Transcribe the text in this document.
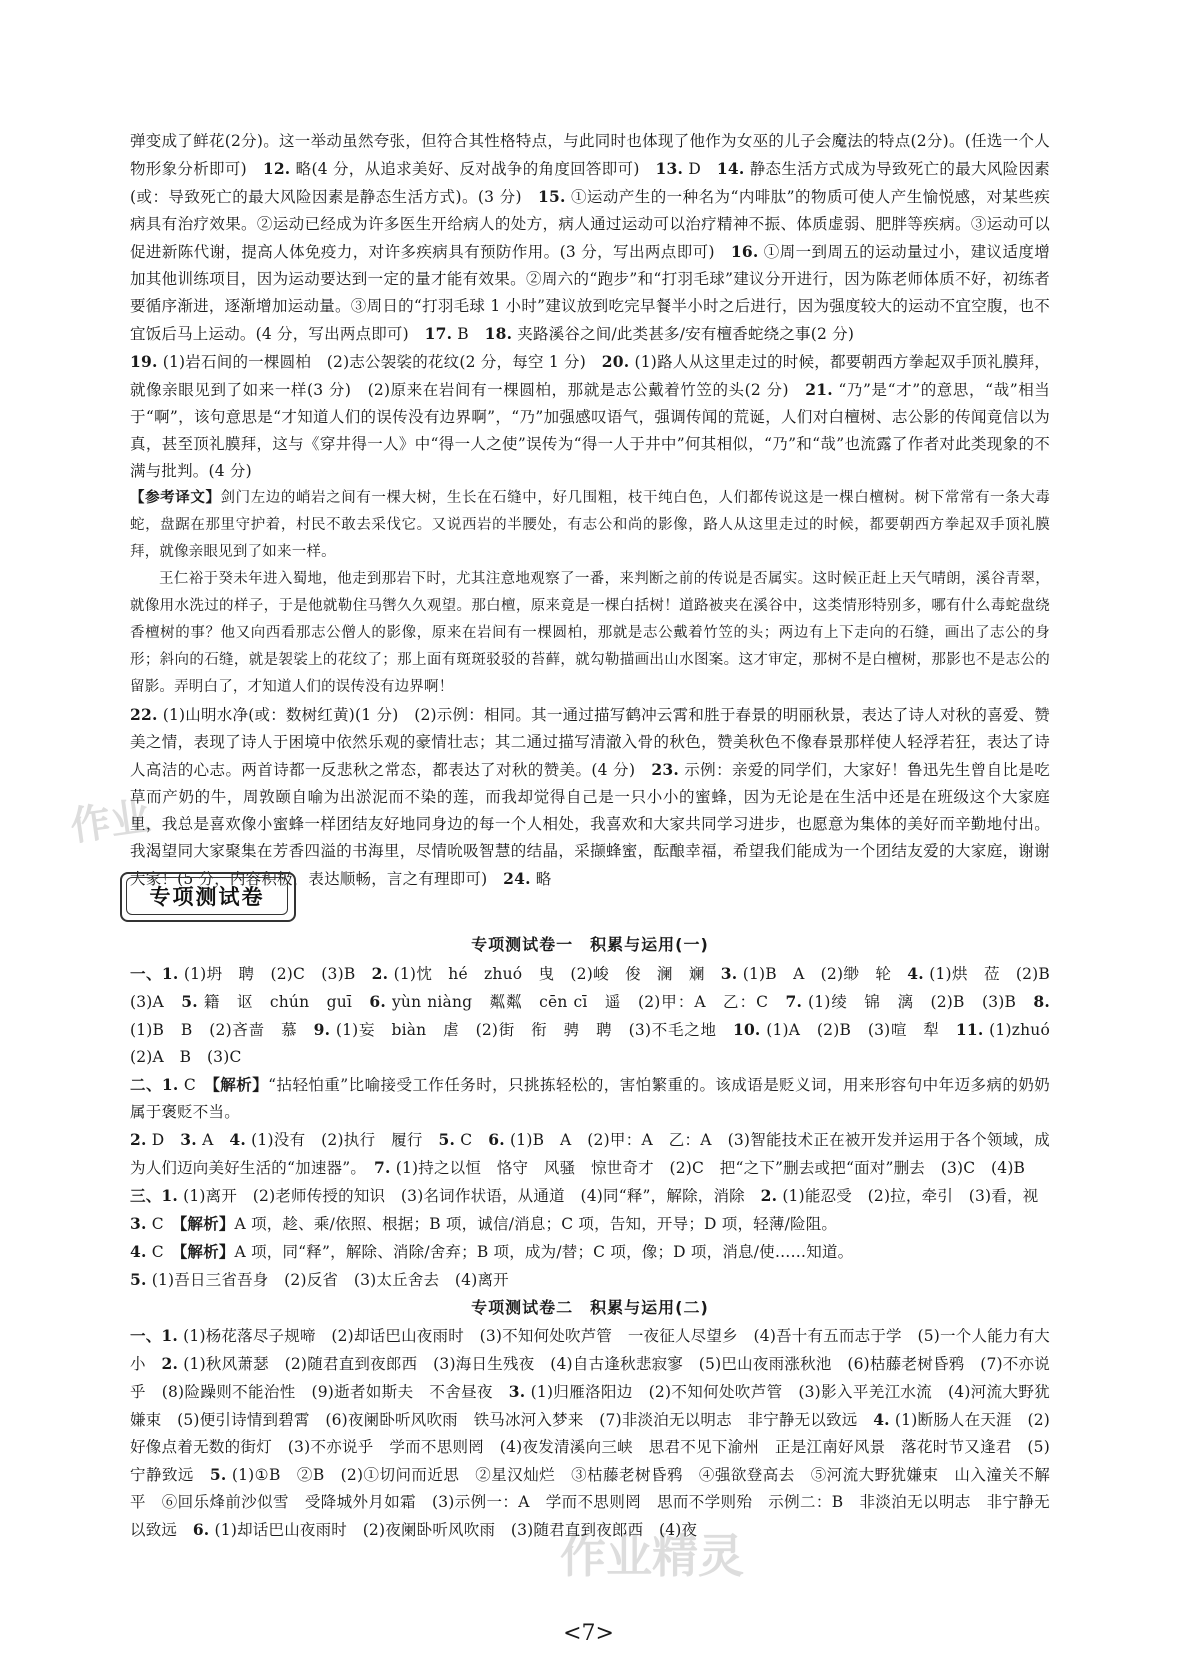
弹变成了鲜花(2分)。这一举动虽然夸张，但符合其性格特点，与此同时也体现了他作为女巫的儿子会魔法的特点(2分)。(任选一个人物形象分析即可)　12. 略(4 分，从追求美好、反对战争的角度回答即可)　13. D　14. 静态生活方式成为导致死亡的最大风险因素(或：导致死亡的最大风险因素是静态生活方式)。(3 分)　15. ①运动产生的一种名为“内啡肽”的物质可使人产生愉悦感，对某些疾病具有治疗效果。②运动已经成为许多医生开给病人的处方，病人通过运动可以治疗精神不振、体质虚弱、肥胖等疾病。③运动可以促进新陈代谢，提高人体免疫力，对许多疾病具有预防作用。(3 分，写出两点即可)　16. ①周一到周五的运动量过小，建议适度增加其他训练项目，因为运动要达到一定的量才能有效果。②周六的“跑步”和“打羽毛球”建议分开进行，因为陈老师体质不好，初练者要循序渐进，逐渐增加运动量。③周日的“打羽毛球 1 小时”建议放到吃完早餐半小时之后进行，因为强度较大的运动不宜空腹，也不宜饭后马上运动。(4 分，写出两点即可)　17. B　18. 夹路溪谷之间/此类甚多/安有檀香蛇绕之事(2 分)

19. (1)岩石间的一棵圆柏　(2)志公袈裟的花纹(2 分，每空 1 分)　20. (1)路人从这里走过的时候，都要朝西方拳起双手顶礼膜拜，就像亲眼见到了如来一样(3 分)　(2)原来在岩间有一棵圆柏，那就是志公戴着竹笠的头(2 分)　21. “乃”是“才”的意思，“哉”相当于“啊”，该句意思是“才知道人们的误传没有边界啊”，“乃”加强感叹语气，强调传闻的荒诞，人们对白檀树、志公影的传闻竟信以为真，甚至顶礼膜拜，这与《穿井得一人》中“得一人之使”误传为“得一人于井中”何其相似，“乃”和“哉”也流露了作者对此类现象的不满与批判。(4 分)

【参考译文】剑门左边的峭岩之间有一棵大树，生长在石缝中，好几围粗，枝干纯白色，人们都传说这是一棵白檀树。树下常常有一条大毒蛇，盘踞在那里守护着，村民不敢去采伐它。又说西岩的半腰处，有志公和尚的影像，路人从这里走过的时候，都要朝西方拳起双手顶礼膜拜，就像亲眼见到了如来一样。

王仁裕于癸未年进入蜀地，他走到那岩下时，尤其注意地观察了一番，来判断之前的传说是否属实。这时候正赶上天气晴朗，溪谷青翠，就像用水洗过的样子，于是他就勒住马辔久久观望。那白檀，原来竟是一棵白括树！道路被夹在溪谷中，这类情形特别多，哪有什么毒蛇盘绕香檀树的事？他又向西看那志公僧人的影像，原来在岩间有一棵圆柏，那就是志公戴着竹笠的头；两边有上下走向的石缝，画出了志公的身形；斜向的石缝，就是袈裟上的花纹了；那上面有斑斑驳驳的苔藓，就勾勒描画出山水图案。这才审定，那树不是白檀树，那影也不是志公的留影。弄明白了，才知道人们的误传没有边界啊！

22. (1)山明水净(或：数树红黄)(1 分)　(2)示例：相同。其一通过描写鹤冲云霄和胜于春景的明丽秋景，表达了诗人对秋的喜爱、赞美之情，表现了诗人于困境中依然乐观的豪情壮志；其二通过描写清澈入骨的秋色，赞美秋色不像春景那样使人轻浮若狂，表达了诗人高洁的心志。两首诗都一反悲秋之常态，都表达了对秋的赞美。(4 分)　23. 示例：亲爱的同学们，大家好！鲁迅先生曾自比是吃草而产奶的牛，周敦颐自喻为出淤泥而不染的莲，而我却觉得自己是一只小小的蜜蜂，因为无论是在生活中还是在班级这个大家庭里，我总是喜欢像小蜜蜂一样团结友好地同身边的每一个人相处，我喜欢和大家共同学习进步，也愿意为集体的美好而辛勤地付出。我渴望同大家聚集在芳香四溢的书海里，尽情吮吸智慧的结晶，采撷蜂蜜，酝酿幸福，希望我们能成为一个团结友爱的大家庭，谢谢大家！(5 分，内容积极，表达顺畅，言之有理即可)　24. 略

专项测试卷
专项测试卷一　积累与运用(一)

一、1. (1)坍　聘　(2)C　(3)B　2. (1)忱　hé　zhuó　曳　(2)峻　俊　澜　斓　3. (1)B　A　(2)缈　轮　4. (1)烘　莅　(2)B　(3)A　5. 籍　讴　chún　guī　6. yùn niàng　粼粼　cēn cī　遥　(2)甲：A　乙：C　7. (1)绫　锦　漓　(2)B　(3)B　8. (1)B　B　(2)吝啬　慕　9. (1)妄　biàn　虐　(2)街　衔　骋　聘　(3)不毛之地　10. (1)A　(2)B　(3)喧　犁　11. (1)zhuó　(2)A　B　(3)C

二、1. C　【解析】“拈轻怕重”比喻接受工作任务时，只挑拣轻松的，害怕繁重的。该成语是贬义词，用来形容句中年迈多病的奶奶属于褒贬不当。

2. D　3. A　4. (1)没有　(2)执行　履行　5. C　6. (1)B　A　(2)甲：A　乙：A　(3)智能技术正在被开发并运用于各个领域，成为人们迈向美好生活的“加速器”。　7. (1)持之以恒　恪守　风骚　惊世奇才　(2)C　把“之下”删去或把“面对”删去　(3)C　(4)B

三、1. (1)离开　(2)老师传授的知识　(3)名词作状语，从通道　(4)同“释”，解除，消除　2. (1)能忍受　(2)拉，牵引　(3)看，视

3. C　【解析】A 项，趁、乘/依照、根据；B 项，诚信/消息；C 项，告知，开导；D 项，轻薄/险阻。

4. C　【解析】A 项，同“释”，解除、消除/舍弃；B 项，成为/替；C 项，像；D 项，消息/使……知道。

5. (1)吾日三省吾身　(2)反省　(3)太丘舍去　(4)离开

专项测试卷二　积累与运用(二)

一、1. (1)杨花落尽子规啼　(2)却话巴山夜雨时　(3)不知何处吹芦管　一夜征人尽望乡　(4)吾十有五而志于学　(5)一个人能力有大小　2. (1)秋风萧瑟　(2)随君直到夜郎西　(3)海日生残夜　(4)自古逢秋悲寂寥　(5)巴山夜雨涨秋池　(6)枯藤老树昏鸦　(7)不亦说乎　(8)险躁则不能治性　(9)逝者如斯夫　不舍昼夜　3. (1)归雁洛阳边　(2)不知何处吹芦管　(3)影入平羌江水流　(4)河流大野犹嫌束　(5)便引诗情到碧霄　(6)夜阑卧听风吹雨　铁马冰河入梦来　(7)非淡泊无以明志　非宁静无以致远　4. (1)断肠人在天涯　(2)好像点着无数的街灯　(3)不亦说乎　学而不思则罔　(4)夜发清溪向三峡　思君不见下渝州　正是江南好风景　落花时节又逢君　(5)宁静致远　5. (1)①B　②B　(2)①切问而近思　②星汉灿烂　③枯藤老树昏鸦　④强欲登高去　⑤河流大野犹嫌束　山入潼关不解平　⑥回乐烽前沙似雪　受降城外月如霜　(3)示例一：A　学而不思则罔　思而不学则殆　示例二：B　非淡泊无以明志　非宁静无以致远　6. (1)却话巴山夜雨时　(2)夜阑卧听风吹雨　(3)随君直到夜郎西　(4)夜

作业
作业精灵
<7>
